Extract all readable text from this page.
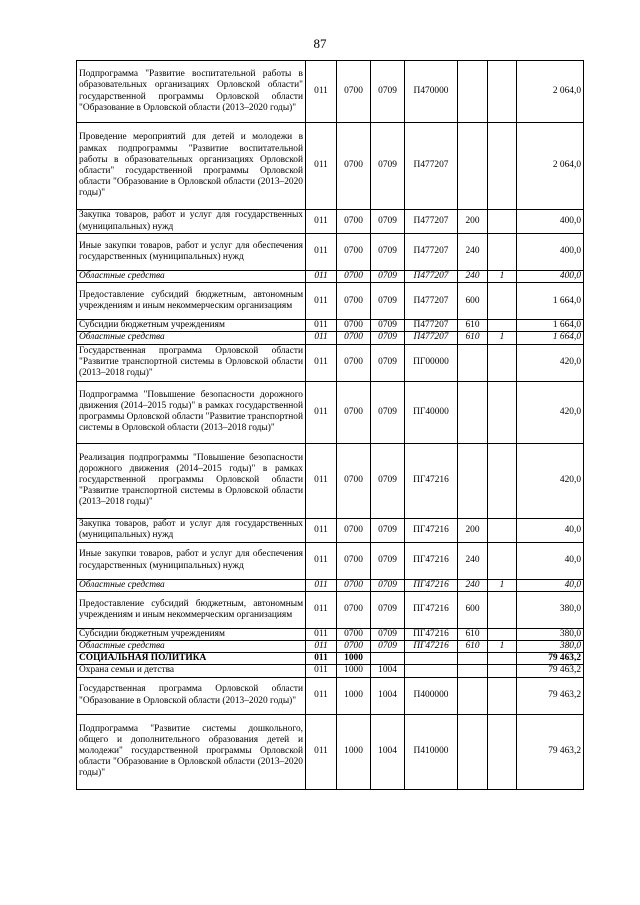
87
Подпрограмма "Развитие воспитательной работы в образовательных организациях Орловской области" государственной программы Орловской области "Образование в Орловской области (2013–2020 годы)"	011	0700	0709	П470000			2 064,0
Проведение мероприятий для детей и молодежи в рамках подпрограммы "Развитие воспитательной работы в образовательных организациях Орловской области" государственной программы Орловской области "Образование в Орловской области (2013–2020 годы)"	011	0700	0709	П477207			2 064,0
Закупка товаров, работ и услуг для государственных (муниципальных) нужд	011	0700	0709	П477207	200		400,0
Иные закупки товаров, работ и услуг для обеспечения государственных (муниципальных) нужд	011	0700	0709	П477207	240		400,0
Областные средства	011	0700	0709	П477207	240	1	400,0
Предоставление субсидий бюджетным, автономным учреждениям и иным некоммерческим организациям	011	0700	0709	П477207	600		1 664,0
Субсидии бюджетным учреждениям	011	0700	0709	П477207	610		1 664,0
Областные средства	011	0700	0709	П477207	610	1	1 664,0
Государственная программа Орловской области "Развитие транспортной системы в Орловской области (2013–2018 годы)"	011	0700	0709	ПГ00000			420,0
Подпрограмма "Повышение безопасности дорожного движения (2014–2015 годы)" в рамках государственной программы Орловской области "Развитие транспортной системы в Орловской области (2013–2018 годы)"	011	0700	0709	ПГ40000			420,0
Реализация подпрограммы "Повышение безопасности дорожного движения (2014–2015 годы)" в рамках государственной программы Орловской области "Развитие транспортной системы в Орловской области (2013–2018 годы)"	011	0700	0709	ПГ47216			420,0
Закупка товаров, работ и услуг для государственных (муниципальных) нужд	011	0700	0709	ПГ47216	200		40,0
Иные закупки товаров, работ и услуг для обеспечения государственных (муниципальных) нужд	011	0700	0709	ПГ47216	240		40,0
Областные средства	011	0700	0709	ПГ47216	240	1	40,0
Предоставление субсидий бюджетным, автономным учреждениям и иным некоммерческим организациям	011	0700	0709	ПГ47216	600		380,0
Субсидии бюджетным учреждениям	011	0700	0709	ПГ47216	610		380,0
Областные средства	011	0700	0709	ПГ47216	610	1	380,0
СОЦИАЛЬНАЯ ПОЛИТИКА	011	1000					79 463,2
Охрана семьи и детства	011	1000	1004				79 463,2
Государственная программа Орловской области "Образование в Орловской области (2013–2020 годы)"	011	1000	1004	П400000			79 463,2
Подпрограмма "Развитие системы дошкольного, общего и дополнительного образования детей и молодежи" государственной программы Орловской области "Образование в Орловской области (2013–2020 годы)"	011	1000	1004	П410000			79 463,2
